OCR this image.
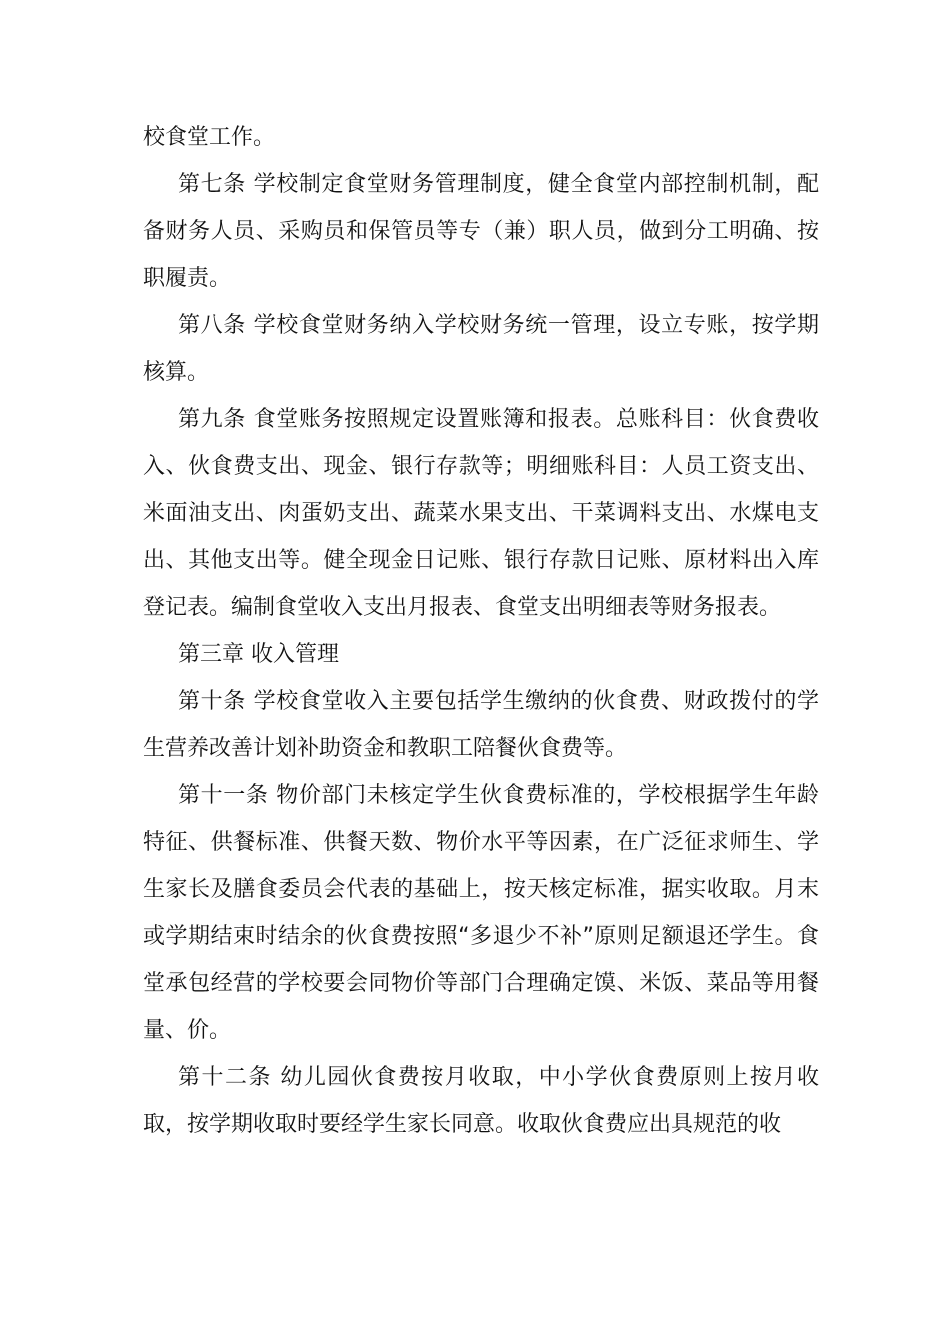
校食堂工作。

第七条 学校制定食堂财务管理制度，健全食堂内部控制机制，配备财务人员、采购员和保管员等专（兼）职人员，做到分工明确、按职履责。

第八条 学校食堂财务纳入学校财务统一管理，设立专账，按学期核算。

第九条 食堂账务按照规定设置账簿和报表。总账科目：伙食费收入、伙食费支出、现金、银行存款等；明细账科目：人员工资支出、米面油支出、肉蛋奶支出、蔬菜水果支出、干菜调料支出、水煤电支出、其他支出等。健全现金日记账、银行存款日记账、原材料出入库登记表。编制食堂收入支出月报表、食堂支出明细表等财务报表。

第三章 收入管理

第十条 学校食堂收入主要包括学生缴纳的伙食费、财政拨付的学生营养改善计划补助资金和教职工陪餐伙食费等。

第十一条 物价部门未核定学生伙食费标准的，学校根据学生年龄特征、供餐标准、供餐天数、物价水平等因素，在广泛征求师生、学生家长及膳食委员会代表的基础上，按天核定标准，据实收取。月末或学期结束时结余的伙食费按照“多退少不补”原则足额退还学生。食堂承包经营的学校要会同物价等部门合理确定馍、米饭、菜品等用餐量、价。

第十二条 幼儿园伙食费按月收取，中小学伙食费原则上按月收取，按学期收取时要经学生家长同意。收取伙食费应出具规范的收
